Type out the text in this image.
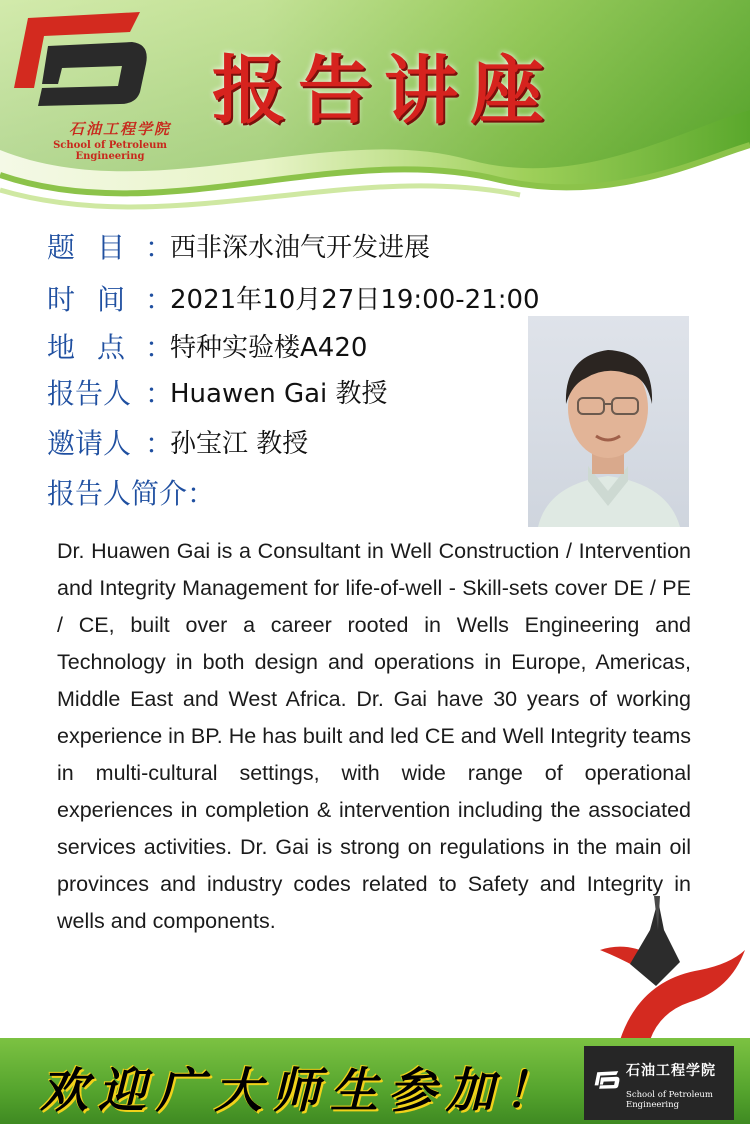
石油工程学院
School of Petroleum Engineering
报告讲座
题目
：
西非深水油气开发进展
时间
：
2021年10月27日19:00-21:00
地点
：
特种实验楼A420
报告人 ：
Huawen Gai 教授
邀请人 ：
孙宝江 教授
报告人简介：
Dr. Huawen Gai is a Consultant in Well Construction / Intervention and Integrity Management for life-of-well - Skill-sets cover DE / PE / CE, built over a career rooted in Wells Engineering and Technology in both design and operations in Europe, Americas, Middle East and West Africa. Dr. Gai have 30 years of working experience in BP. He has built and led CE and Well Integrity teams in multi-cultural settings, with wide range of operational experiences in completion & intervention including the associated services activities. Dr. Gai is strong on regulations in the main oil provinces and industry codes related to Safety and Integrity in wells and components.
欢迎广大师生参加！	石油工程学院
School of Petroleum Engineering
